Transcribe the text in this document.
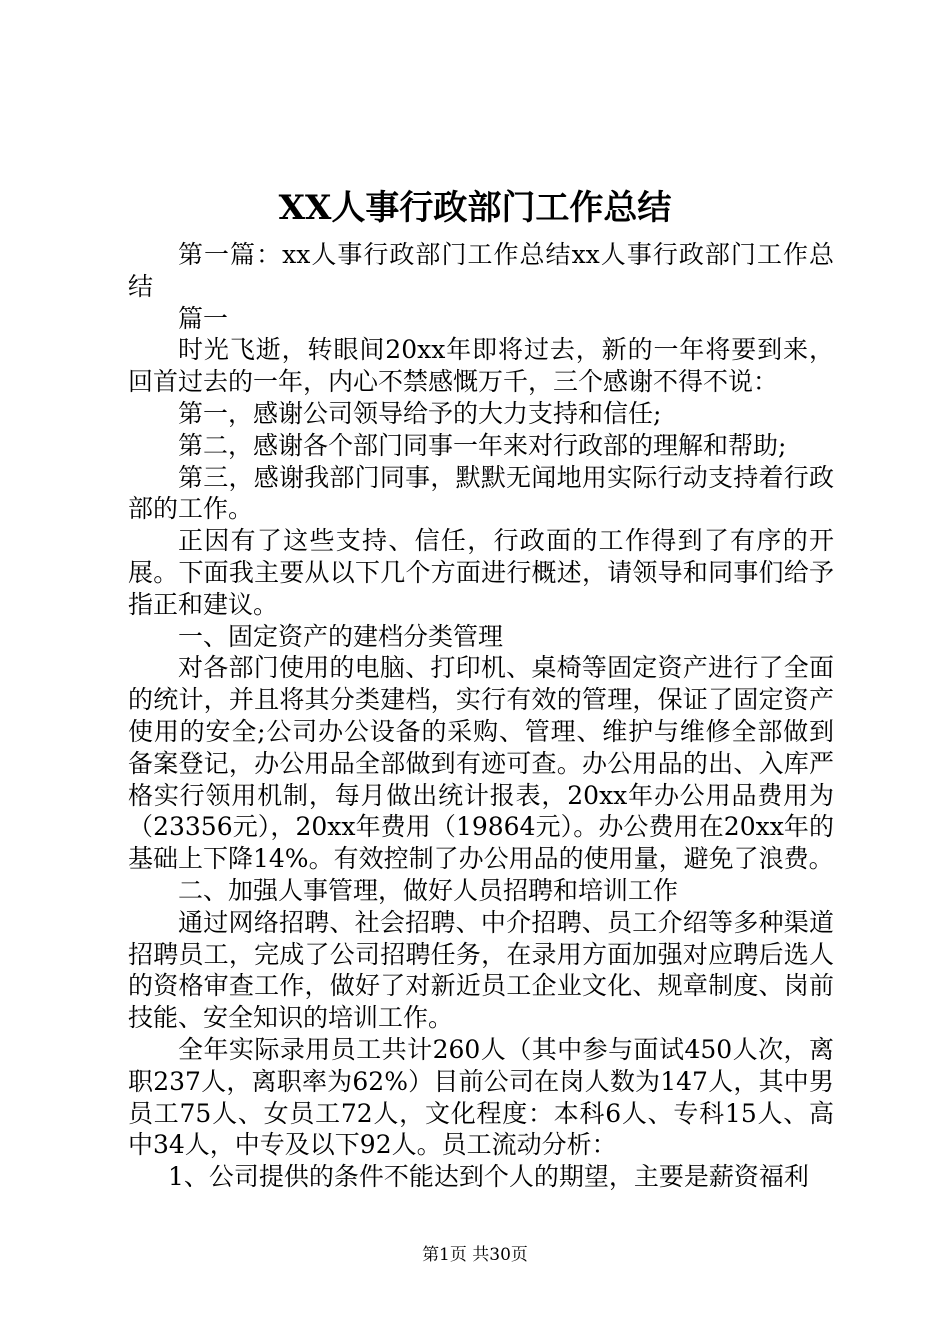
XX人事行政部门工作总结

第一篇：xx人事行政部门工作总结xx人事行政部门工作总结

篇一

时光飞逝，转眼间20xx年即将过去，新的一年将要到来，回首过去的一年，内心不禁感慨万千，三个感谢不得不说：

第一，感谢公司领导给予的大力支持和信任;

第二，感谢各个部门同事一年来对行政部的理解和帮助;

第三，感谢我部门同事，默默无闻地用实际行动支持着行政部的工作。

正因有了这些支持、信任，行政面的工作得到了有序的开展。下面我主要从以下几个方面进行概述，请领导和同事们给予指正和建议。

一、固定资产的建档分类管理

对各部门使用的电脑、打印机、桌椅等固定资产进行了全面的统计，并且将其分类建档，实行有效的管理，保证了固定资产使用的安全;公司办公设备的采购、管理、维护与维修全部做到备案登记，办公用品全部做到有迹可查。办公用品的出、入库严格实行领用机制，每月做出统计报表，20xx年办公用品费用为（23356元），20xx年费用（19864元）。办公费用在20xx年的基础上下降14%。有效控制了办公用品的使用量，避免了浪费。

二、加强人事管理，做好人员招聘和培训工作

通过网络招聘、社会招聘、中介招聘、员工介绍等多种渠道招聘员工，完成了公司招聘任务，在录用方面加强对应聘后选人的资格审查工作，做好了对新近员工企业文化、规章制度、岗前技能、安全知识的培训工作。

全年实际录用员工共计260人（其中参与面试450人次，离职237人，离职率为62%）目前公司在岗人数为147人，其中男员工75人、女员工72人，文化程度：本科6人、专科15人、高中34人，中专及以下92人。员工流动分析：

1、公司提供的条件不能达到个人的期望，主要是薪资福利

第1页 共30页
